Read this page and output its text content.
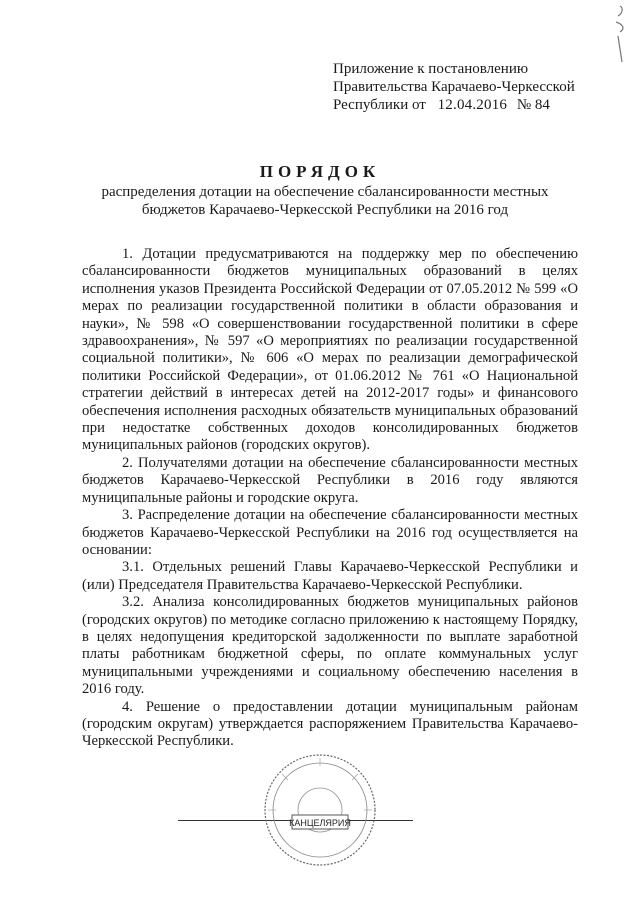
Приложение к постановлению
Правительства Карачаево-Черкесской
Республики от 12.04.2016 № 84
ПОРЯДОК
распределения дотации на обеспечение сбалансированности местных
бюджетов Карачаево-Черкесской Республики на 2016 год

1. Дотации предусматриваются на поддержку мер по обеспечению сбалансированности бюджетов муниципальных образований в целях исполнения указов Президента Российской Федерации от 07.05.2012 № 599 «О мерах по реализации государственной политики в области образования и науки», № 598 «О совершенствовании государственной политики в сфере здравоохранения», № 597 «О мероприятиях по реализации государственной социальной политики», № 606 «О мерах по реализации демографической политики Российской Федерации», от 01.06.2012 № 761 «О Национальной стратегии действий в интересах детей на 2012-2017 годы» и финансового обеспечения исполнения расходных обязательств муниципальных образований при недостатке собственных доходов консолидированных бюджетов муниципальных районов (городских округов).

2. Получателями дотации на обеспечение сбалансированности местных бюджетов Карачаево-Черкесской Республики в 2016 году являются муниципальные районы и городские округа.

3. Распределение дотации на обеспечение сбалансированности местных бюджетов Карачаево-Черкесской Республики на 2016 год осуществляется на основании:

3.1. Отдельных решений Главы Карачаево-Черкесской Республики и (или) Председателя Правительства Карачаево-Черкесской Республики.

3.2. Анализа консолидированных бюджетов муниципальных районов (городских округов) по методике согласно приложению к настоящему Порядку, в целях недопущения кредиторской задолженности по выплате заработной платы работникам бюджетной сферы, по оплате коммунальных услуг муниципальными учреждениями и социальному обеспечению населения в 2016 году.

4. Решение о предоставлении дотации муниципальным районам (городским округам) утверждается распоряжением Правительства Карачаево-Черкесской Республики.

КАНЦЕЛЯРИЯ
